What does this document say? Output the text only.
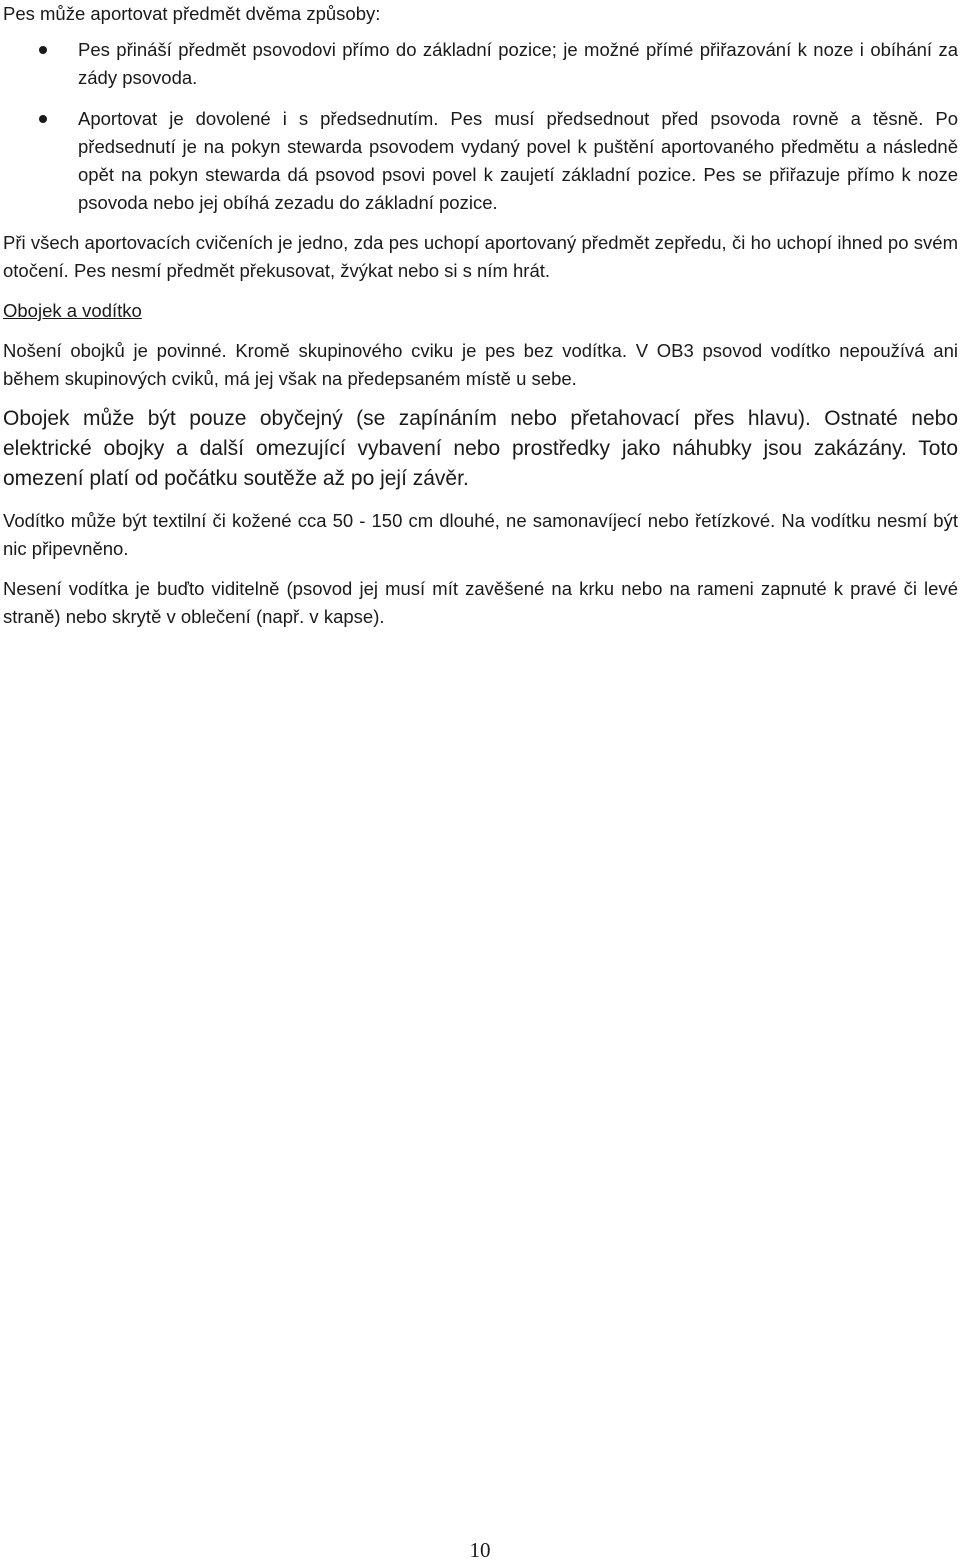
Pes může aportovat předmět dvěma způsoby:
Pes přináší předmět psovodovi přímo do základní pozice; je možné přímé přiřazování k noze i obíhání za zády psovoda.
Aportovat je dovolené i s předsednutím. Pes musí předsednout před psovoda rovně a těsně. Po předsednutí je na pokyn stewarda psovodem vydaný povel k puštění aportovaného předmětu a následně opět na pokyn stewarda dá psovod psovi povel k zaujetí základní pozice. Pes se přiřazuje přímo k noze psovoda nebo jej obíhá zezadu do základní pozice.
Při všech aportovacích cvičeních je jedno, zda pes uchopí aportovaný předmět zepředu, či ho uchopí ihned po svém otočení. Pes nesmí předmět překusovat, žvýkat nebo si s ním hrát.
Obojek a vodítko
Nošení obojků je povinné. Kromě skupinového cviku je pes bez vodítka. V OB3 psovod vodítko nepoužívá ani během skupinových cviků, má jej však na předepsaném místě u sebe.
Obojek může být pouze obyčejný (se zapínáním nebo přetahovací přes hlavu). Ostnaté nebo elektrické obojky a další omezující vybavení nebo prostředky jako náhubky jsou zakázány. Toto omezení platí od počátku soutěže až po její závěr.
Vodítko může být textilní či kožené cca 50 - 150 cm dlouhé, ne samonavíjecí nebo řetízkové. Na vodítku nesmí být nic připevněno.
Nesení vodítka je buďto viditelně (psovod jej musí mít zavěšené na krku nebo na rameni zapnuté k pravé či levé straně) nebo skrytě v oblečení (např. v kapse).
10
